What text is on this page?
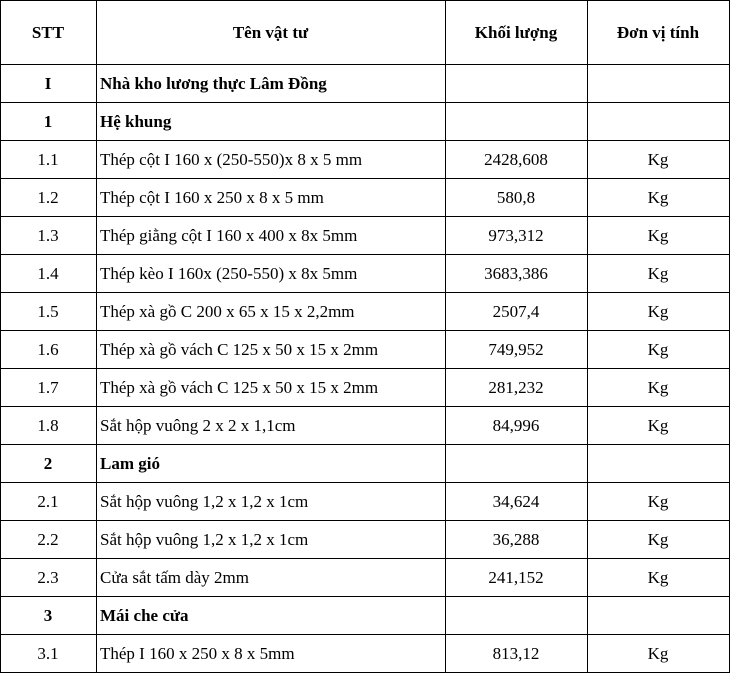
STT	Tên vật tư	Khối lượng	Đơn vị tính
I	Nhà kho lương thực Lâm Đồng		
1	Hệ khung		
1.1	Thép cột I 160 x (250-550)x 8 x 5 mm	2428,608	Kg
1.2	Thép cột I 160 x 250 x 8 x 5 mm	580,8	Kg
1.3	Thép giằng cột I 160 x 400 x 8x 5mm	973,312	Kg
1.4	Thép kèo I 160x (250-550) x 8x 5mm	3683,386	Kg
1.5	Thép xà gồ C 200 x 65 x 15 x 2,2mm	2507,4	Kg
1.6	Thép xà gồ vách C 125 x 50 x 15 x 2mm	749,952	Kg
1.7	Thép xà gồ vách C 125 x 50 x 15 x 2mm	281,232	Kg
1.8	Sắt hộp vuông 2 x 2 x 1,1cm	84,996	Kg
2	Lam gió		
2.1	Sắt hộp vuông 1,2 x 1,2 x 1cm	34,624	Kg
2.2	Sắt hộp vuông 1,2 x 1,2 x 1cm	36,288	Kg
2.3	Cửa sắt tấm dày 2mm	241,152	Kg
3	Mái che cửa		
3.1	Thép I 160 x 250 x 8 x 5mm	813,12	Kg
